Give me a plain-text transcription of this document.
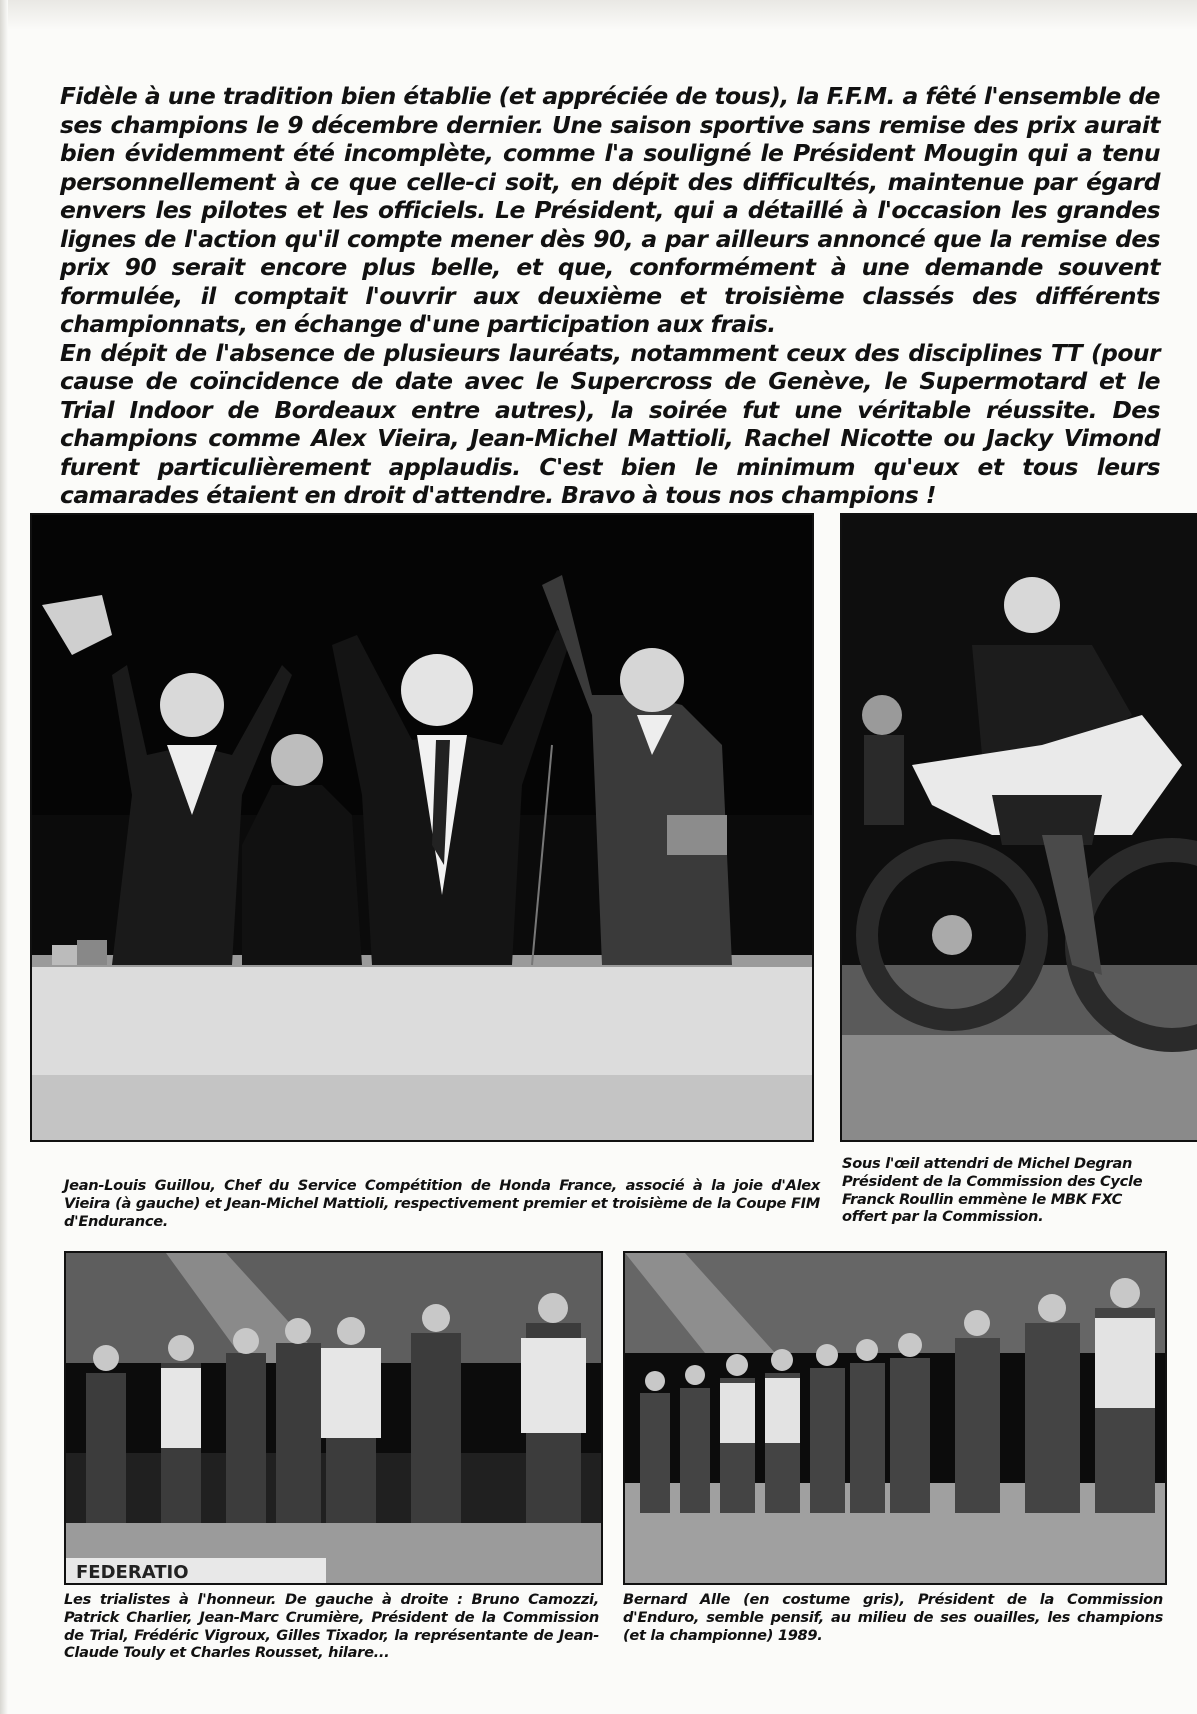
Fidèle à une tradition bien établie (et appréciée de tous), la F.F.M. a fêté l'ensemble de ses champions le 9 décembre dernier. Une saison sportive sans remise des prix aurait bien évidemment été incomplète, comme l'a souligné le Président Mougin qui a tenu personnellement à ce que celle-ci soit, en dépit des difficultés, maintenue par égard envers les pilotes et les officiels. Le Président, qui a détaillé à l'occasion les grandes lignes de l'action qu'il compte mener dès 90, a par ailleurs annoncé que la remise des prix 90 serait encore plus belle, et que, conformément à une demande souvent formulée, il comptait l'ouvrir aux deuxième et troisième classés des différents championnats, en échange d'une participation aux frais.

En dépit de l'absence de plusieurs lauréats, notamment ceux des disciplines TT (pour cause de coïncidence de date avec le Supercross de Genève, le Supermotard et le Trial Indoor de Bordeaux entre autres), la soirée fut une véritable réussite. Des champions comme Alex Vieira, Jean-Michel Mattioli, Rachel Nicotte ou Jacky Vimond furent particulièrement applaudis. C'est bien le minimum qu'eux et tous leurs camarades étaient en droit d'attendre. Bravo à tous nos champions !

FEDERATIO

Jean-Louis Guillou, Chef du Service Compétition de Honda France, associé à la joie d'Alex Vieira (à gauche) et Jean-Michel Mattioli, respectivement premier et troisième de la Coupe FIM d'Endurance.

Sous l'œil attendri de Michel Degran
Président de la Commission des Cycle
Franck Roullin emmène le MBK FXC
offert par la Commission.

Les trialistes à l'honneur. De gauche à droite : Bruno Camozzi, Patrick Charlier, Jean-Marc Crumière, Président de la Commission de Trial, Frédéric Vigroux, Gilles Tixador, la représentante de Jean-Claude Touly et Charles Rousset, hilare...

Bernard Alle (en costume gris), Président de la Commission d'Enduro, semble pensif, au milieu de ses ouailles, les champions (et la championne) 1989.
